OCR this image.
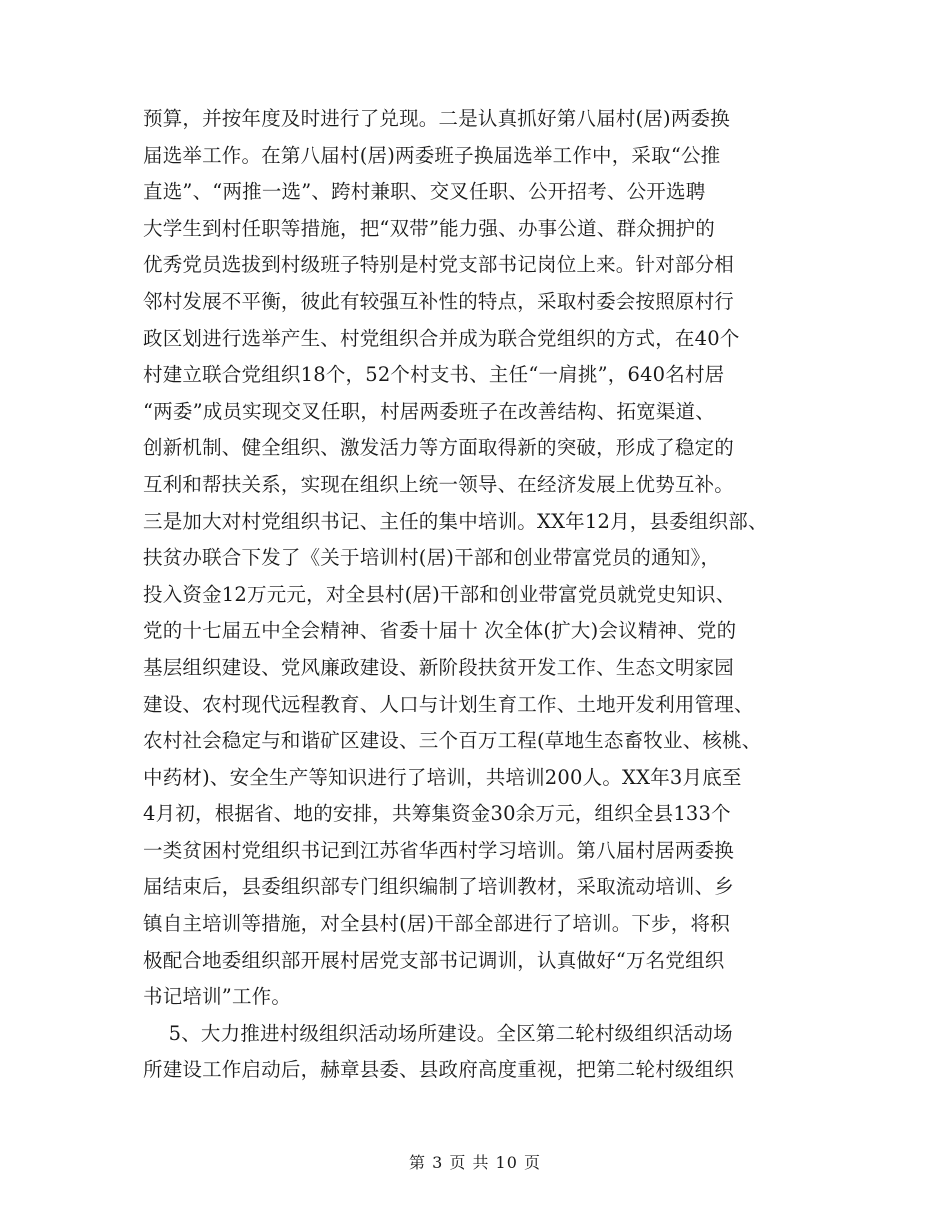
预算，并按年度及时进行了兑现。二是认真抓好第八届村(居)两委换
届选举工作。在第八届村(居)两委班子换届选举工作中，采取“公推
直选”、“两推一选”、跨村兼职、交叉任职、公开招考、公开选聘
大学生到村任职等措施，把“双带”能力强、办事公道、群众拥护的
优秀党员选拔到村级班子特别是村党支部书记岗位上来。针对部分相
邻村发展不平衡，彼此有较强互补性的特点，采取村委会按照原村行
政区划进行选举产生、村党组织合并成为联合党组织的方式，在40个
村建立联合党组织18个，52个村支书、主任“一肩挑”，640名村居
“两委”成员实现交叉任职，村居两委班子在改善结构、拓宽渠道、
创新机制、健全组织、激发活力等方面取得新的突破，形成了稳定的
互利和帮扶关系，实现在组织上统一领导、在经济发展上优势互补。
三是加大对村党组织书记、主任的集中培训。XX年12月，县委组织部、
扶贫办联合下发了《关于培训村(居)干部和创业带富党员的通知》，
投入资金12万元元，对全县村(居)干部和创业带富党员就党史知识、
党的十七届五中全会精神、省委十届十 次全体(扩大)会议精神、党的
基层组织建设、党风廉政建设、新阶段扶贫开发工作、生态文明家园
建设、农村现代远程教育、人口与计划生育工作、土地开发利用管理、
农村社会稳定与和谐矿区建设、三个百万工程(草地生态畜牧业、核桃、
中药材)、安全生产等知识进行了培训，共培训200人。XX年3月底至
4月初，根据省、地的安排，共筹集资金30余万元，组织全县133个
一类贫困村党组织书记到江苏省华西村学习培训。第八届村居两委换
届结束后，县委组织部专门组织编制了培训教材，采取流动培训、乡
镇自主培训等措施，对全县村(居)干部全部进行了培训。下步，将积
极配合地委组织部开展村居党支部书记调训，认真做好“万名党组织
书记培训”工作。
5、大力推进村级组织活动场所建设。全区第二轮村级组织活动场
所建设工作启动后，赫章县委、县政府高度重视，把第二轮村级组织
第 3 页 共 10 页
